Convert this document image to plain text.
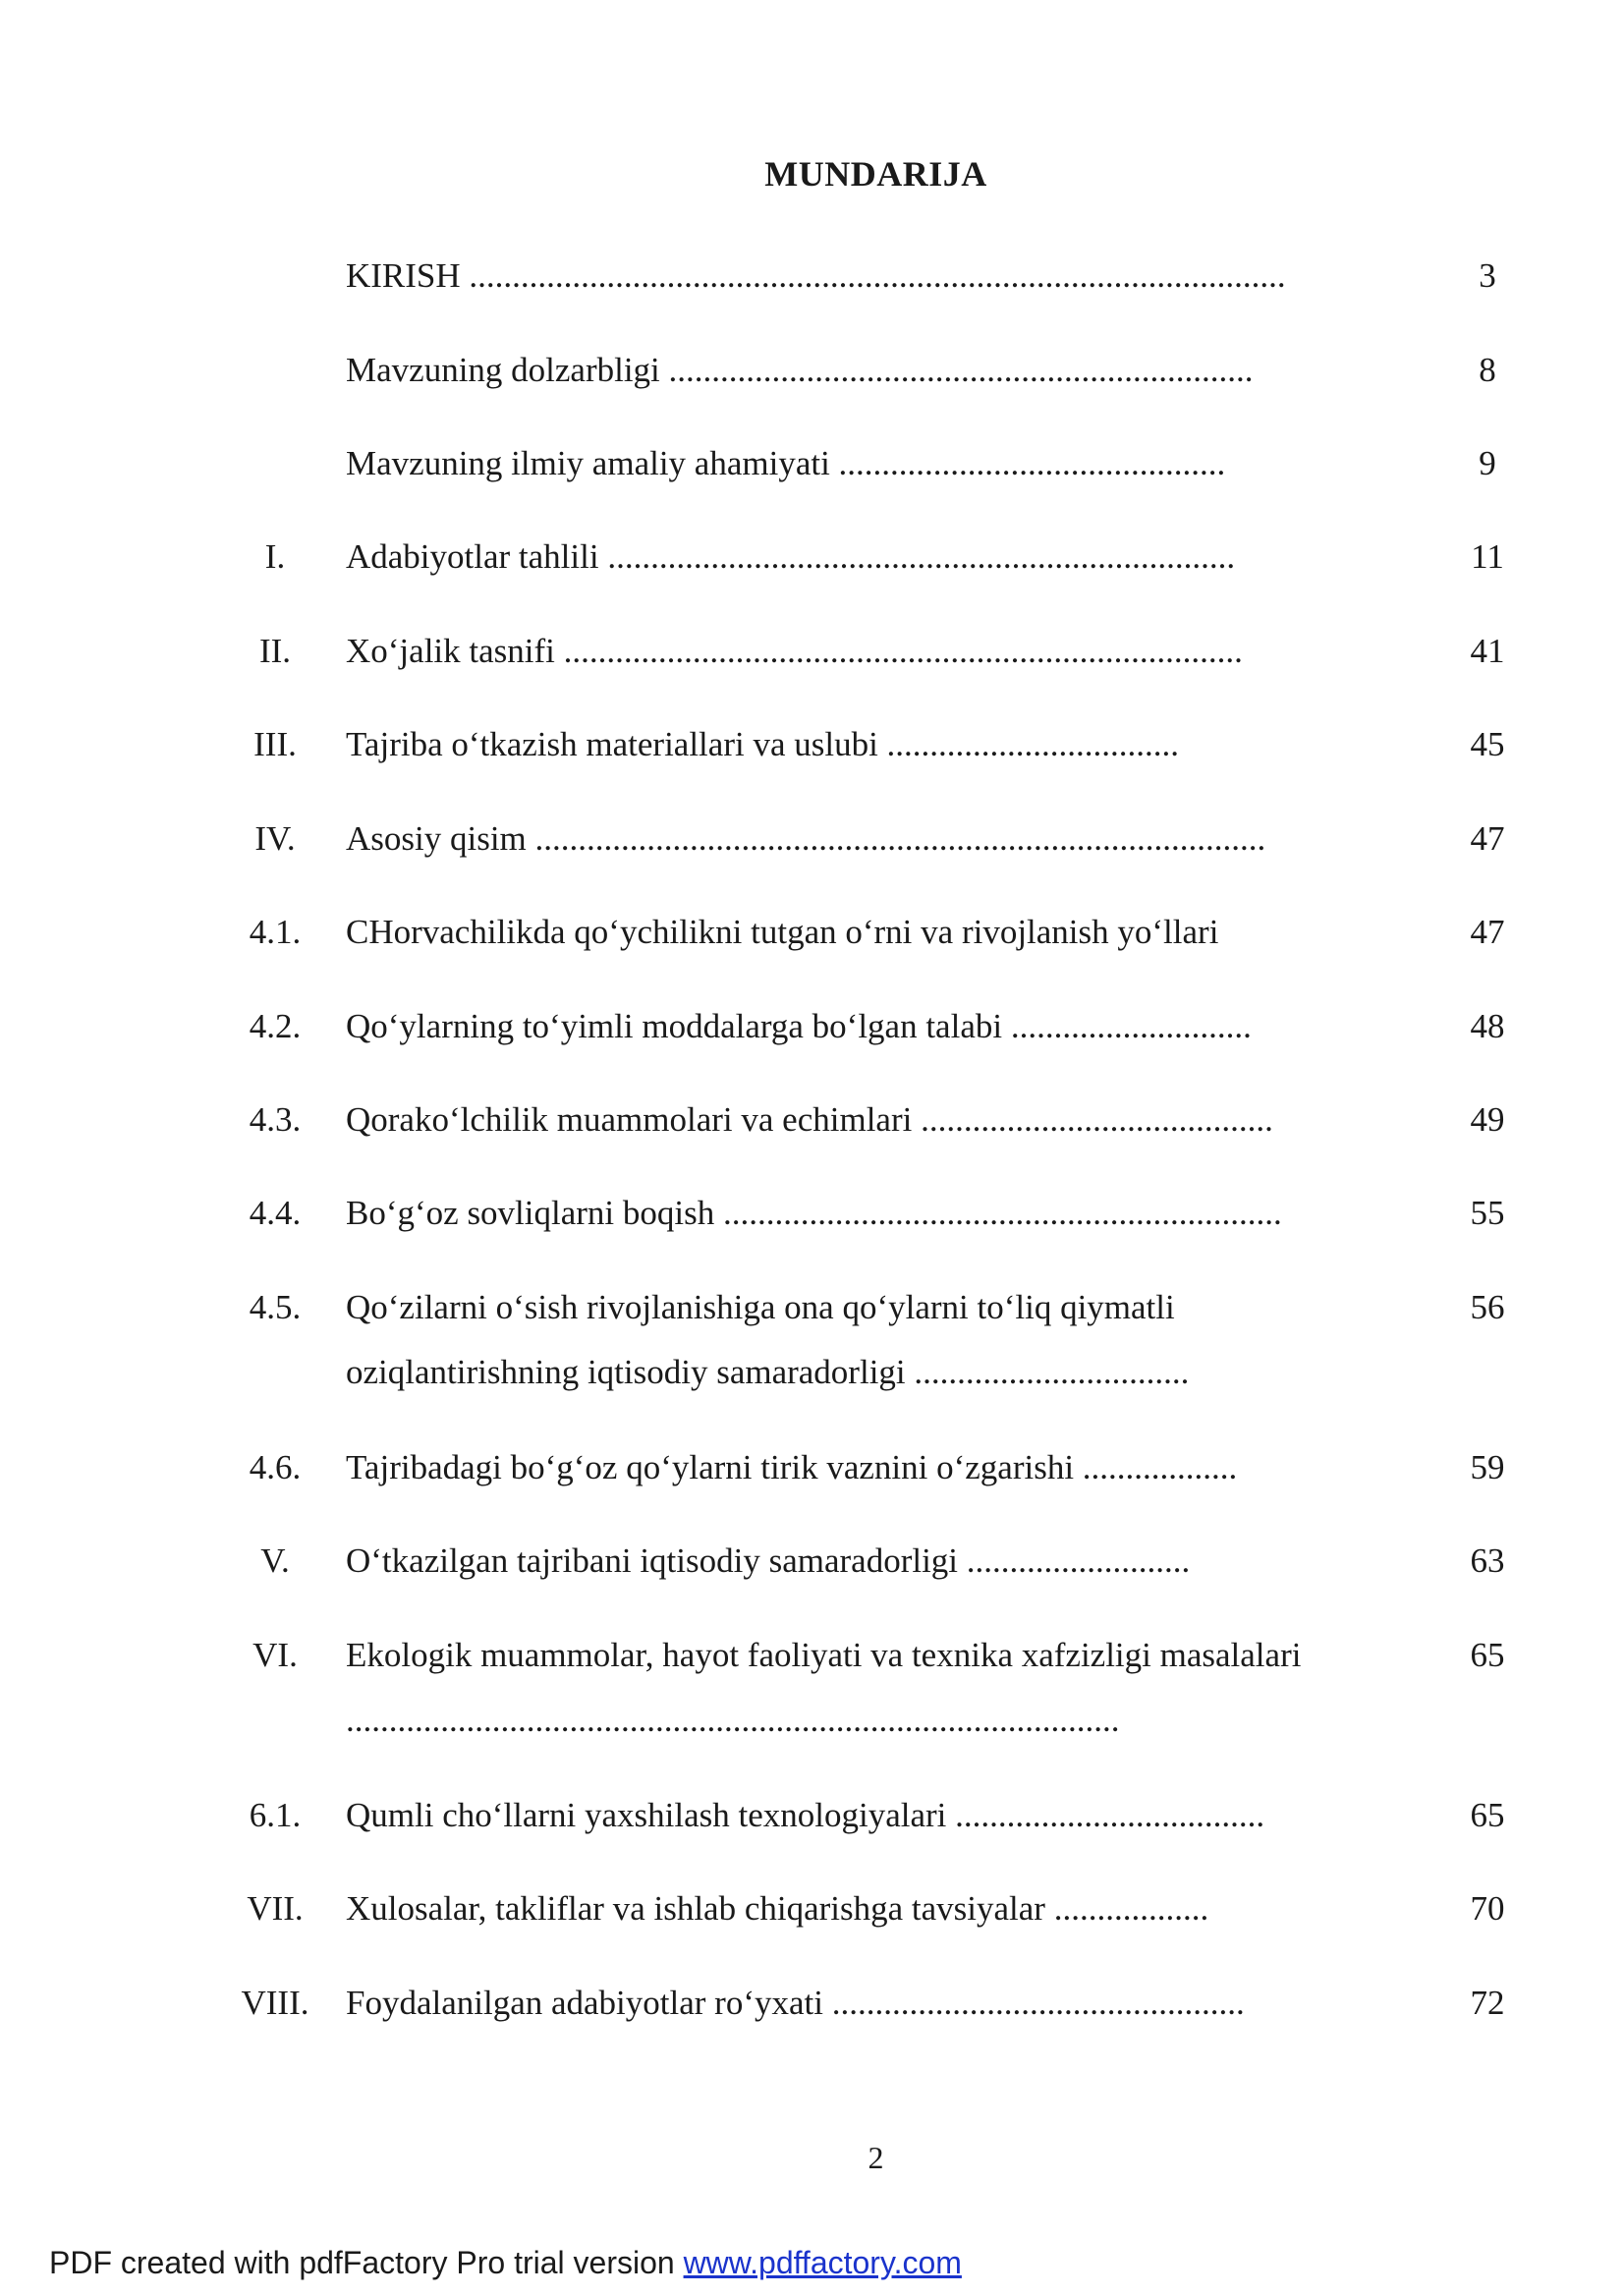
MUNDARIJA
KIRISH ...............................................................................................	3
Mavzuning dolzarbligi ....................................................................	8
Mavzuning ilmiy amaliy ahamiyati .............................................	9
I.	Adabiyotlar tahlili .........................................................................	11
II.	Xo‘jalik tasnifi ...............................................................................	41
III.	Tajriba o‘tkazish materiallari va uslubi ..................................	45
IV.	Asosiy qisim .....................................................................................	47
4.1.	CHorvachilikda qo‘ychilikni tutgan o‘rni va rivojlanish yo‘llari	47
4.2.	Qo‘ylarning to‘yimli moddalarga bo‘lgan talabi ............................	48
4.3.	Qorako‘lchilik muammolari va echimlari .........................................	49
4.4.	Bo‘g‘oz sovliqlarni boqish .................................................................	55
4.5.	Qo‘zilarni o‘sish rivojlanishiga ona qo‘ylarni to‘liq qiymatli	56
oziqlantirishning iqtisodiy samaradorligi ................................
4.6.	Tajribadagi bo‘g‘oz qo‘ylarni tirik vaznini o‘zgarishi ..................	59
V.	O‘tkazilgan tajribani iqtisodiy samaradorligi ..........................	63
VI.	Ekologik muammolar, hayot faoliyati va texnika xafzizligi masalalari	65
..........................................................................................
6.1.	Qumli cho‘llarni yaxshilash texnologiyalari ....................................	65
VII.	Xulosalar, takliflar va ishlab chiqarishga tavsiyalar ..................	70
VIII.	Foydalanilgan adabiyotlar ro‘yxati ................................................	72
2
PDF created with pdfFactory Pro trial version www.pdffactory.com
